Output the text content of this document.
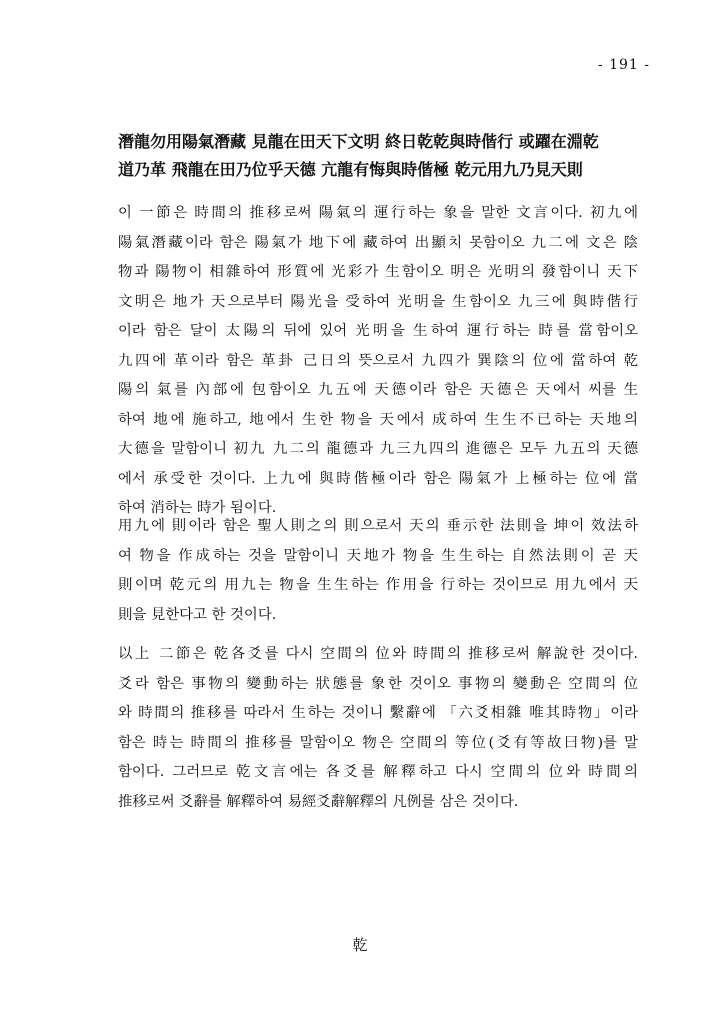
- 191 -
潛龍勿用陽氣潛藏 見龍在田天下文明 終日乾乾與時偕行 或躍在淵乾
道乃革 飛龍在田乃位乎天德 亢龍有悔與時偕極 乾元用九乃見天則
이 一節은 時間의 推移로써 陽氣의 運行하는 象을 말한 文言이다. 初九에
陽氣潛藏이라 함은 陽氣가 地下에 藏하여 出顯치 못함이오 九二에 文은 陰
物과 陽物이 相雜하여 形質에 光彩가 生함이오 明은 光明의 發함이니 天下
文明은 地가 天으로부터 陽光을 受하여 光明을 生함이오 九三에 與時偕行
이라 함은 달이 太陽의 뒤에 있어 光明을 生하여 運行하는 時를 當함이오
九四에 革이라 함은 革卦 己日의 뜻으로서 九四가 巽陰의 位에 當하여 乾
陽의 氣를 內部에 包함이오 九五에 天德이라 함은 天德은 天에서 씨를 生
하여 地에 施하고, 地에서 生한 物을 天에서 成하여 生生不已하는 天地의
大德을 말함이니 初九 九二의 龍德과 九三九四의 進德은 모두 九五의 天德
에서 承受한 것이다. 上九에 與時偕極이라 함은 陽氣가 上極하는 位에 當
하여 消하는 時가 됨이다.
用九에 則이라 함은 聖人則之의 則으로서 天의 垂示한 法則을 坤이 效法하
여 物을 作成하는 것을 말함이니 天地가 物을 生生하는 自然法則이 곧 天
則이며 乾元의 用九는 物을 生生하는 作用을 行하는 것이므로 用九에서 天
則을 見한다고 한 것이다.
以上 二節은 乾各爻를 다시 空間의 位와 時間의 推移로써 解說한 것이다.
爻라 함은 事物의 變動하는 狀態를 象한 것이오 事物의 變動은 空間의 位
와 時間의 推移를 따라서 生하는 것이니 繫辭에 「六爻相雜 唯其時物」이라
함은 時는 時間의 推移를 말함이오 物은 空間의 等位(爻有等故曰物)를 말
함이다. 그러므로 乾文言에는 各爻를 解釋하고 다시 空間의 位와 時間의
推移로써 爻辭를 解釋하여 易經爻辭解釋의 凡例를 삼은 것이다.
乾
